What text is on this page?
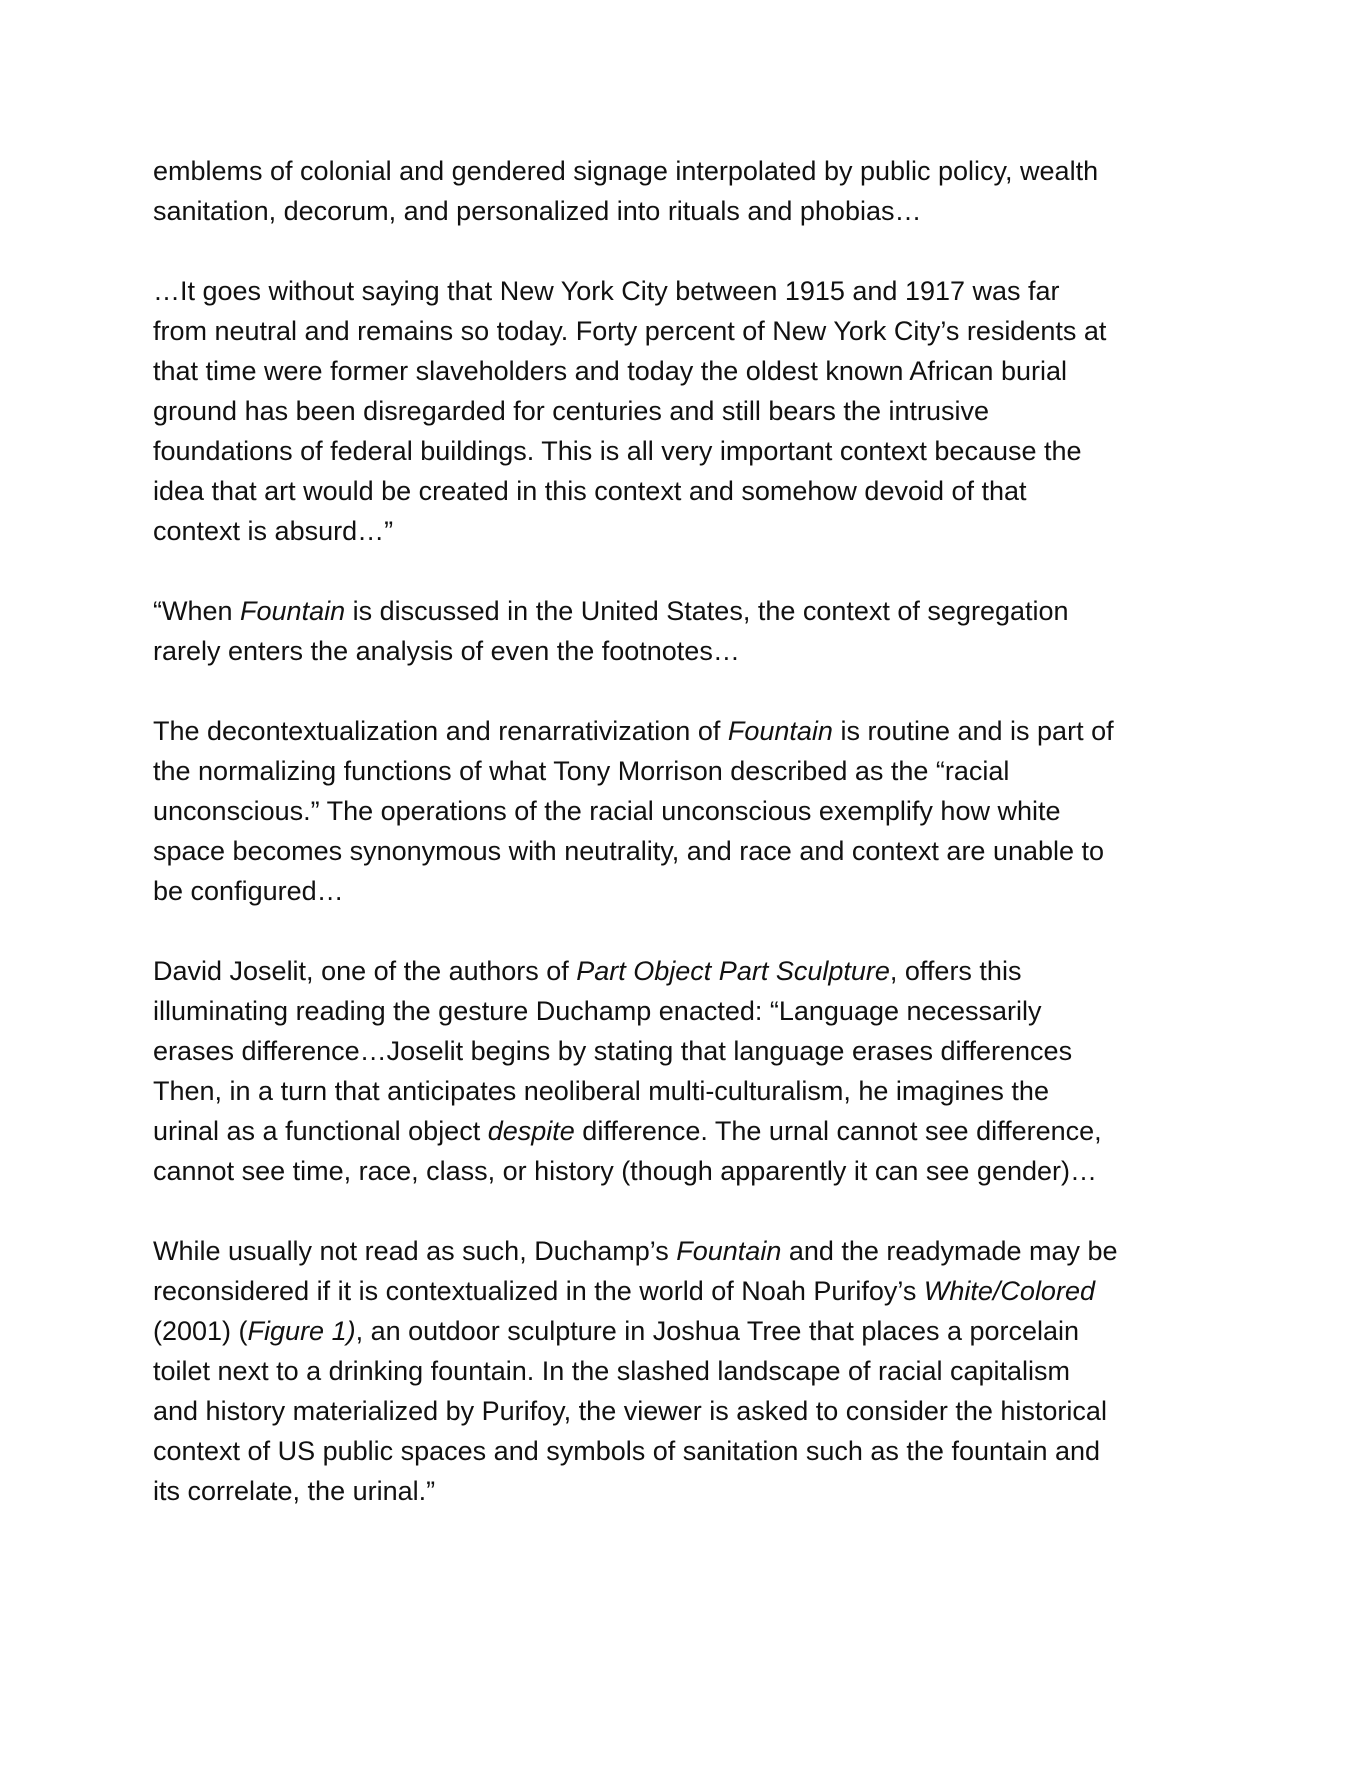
emblems of colonial and gendered signage interpolated by public policy, wealth
sanitation, decorum, and personalized into rituals and phobias…

…It goes without saying that New York City between 1915 and 1917 was far
from neutral and remains so today. Forty percent of New York City’s residents at
that time were former slaveholders and today the oldest known African burial
ground has been disregarded for centuries and still bears the intrusive
foundations of federal buildings. This is all very important context because the
idea that art would be created in this context and somehow devoid of that
context is absurd…”

“When Fountain is discussed in the United States, the context of segregation
rarely enters the analysis of even the footnotes…

The decontextualization and renarrativization of Fountain is routine and is part of
the normalizing functions of what Tony Morrison described as the “racial
unconscious.” The operations of the racial unconscious exemplify how white
space becomes synonymous with neutrality, and race and context are unable to
be configured…

David Joselit, one of the authors of Part Object Part Sculpture, offers this
illuminating reading the gesture Duchamp enacted: “Language necessarily
erases difference…Joselit begins by stating that language erases differences
Then, in a turn that anticipates neoliberal multi-culturalism, he imagines the
urinal as a functional object despite difference. The urnal cannot see difference,
cannot see time, race, class, or history (though apparently it can see gender)…

While usually not read as such, Duchamp’s Fountain and the readymade may be
reconsidered if it is contextualized in the world of Noah Purifoy’s White/Colored
(2001) (Figure 1), an outdoor sculpture in Joshua Tree that places a porcelain
toilet next to a drinking fountain. In the slashed landscape of racial capitalism
and history materialized by Purifoy, the viewer is asked to consider the historical
context of US public spaces and symbols of sanitation such as the fountain and
its correlate, the urinal.”
